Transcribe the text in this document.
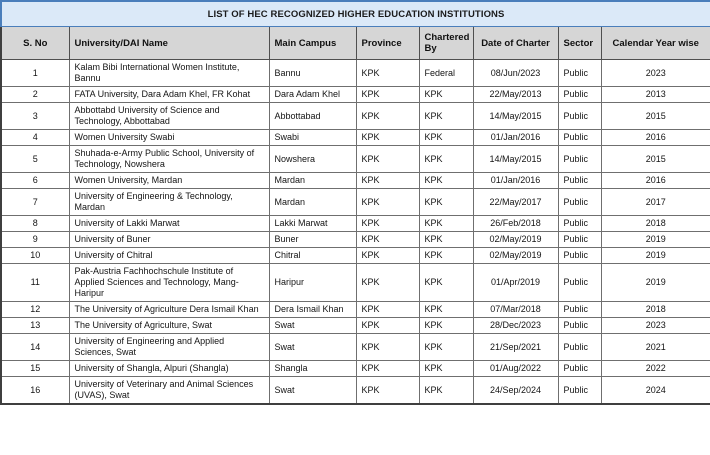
LIST OF HEC RECOGNIZED HIGHER EDUCATION INSTITUTIONS							
S. No	University/DAI Name	Main Campus	Province	Chartered By	Date of Charter	Sector	Calendar Year wise
1	Kalam Bibi International Women Institute, Bannu	Bannu	KPK	Federal	08/Jun/2023	Public	2023
2	FATA University, Dara Adam Khel, FR Kohat	Dara Adam Khel	KPK	KPK	22/May/2013	Public	2013
3	Abbottabd University of Science and Technology, Abbottabad	Abbottabad	KPK	KPK	14/May/2015	Public	2015
4	Women University Swabi	Swabi	KPK	KPK	01/Jan/2016	Public	2016
5	Shuhada-e-Army Public School, University of Technology, Nowshera	Nowshera	KPK	KPK	14/May/2015	Public	2015
6	Women University, Mardan	Mardan	KPK	KPK	01/Jan/2016	Public	2016
7	University of Engineering & Technology, Mardan	Mardan	KPK	KPK	22/May/2017	Public	2017
8	University of Lakki Marwat	Lakki Marwat	KPK	KPK	26/Feb/2018	Public	2018
9	University of Buner	Buner	KPK	KPK	02/May/2019	Public	2019
10	University of Chitral	Chitral	KPK	KPK	02/May/2019	Public	2019
11	Pak-Austria Fachhochschule Institute of Applied Sciences and Technology, Mang-Haripur	Haripur	KPK	KPK	01/Apr/2019	Public	2019
12	The University of Agriculture Dera Ismail Khan	Dera Ismail Khan	KPK	KPK	07/Mar/2018	Public	2018
13	The University of Agriculture, Swat	Swat	KPK	KPK	28/Dec/2023	Public	2023
14	University of Engineering and Applied Sciences, Swat	Swat	KPK	KPK	21/Sep/2021	Public	2021
15	University of Shangla, Alpuri (Shangla)	Shangla	KPK	KPK	01/Aug/2022	Public	2022
16	University of Veterinary and Animal Sciences (UVAS), Swat	Swat	KPK	KPK	24/Sep/2024	Public	2024
